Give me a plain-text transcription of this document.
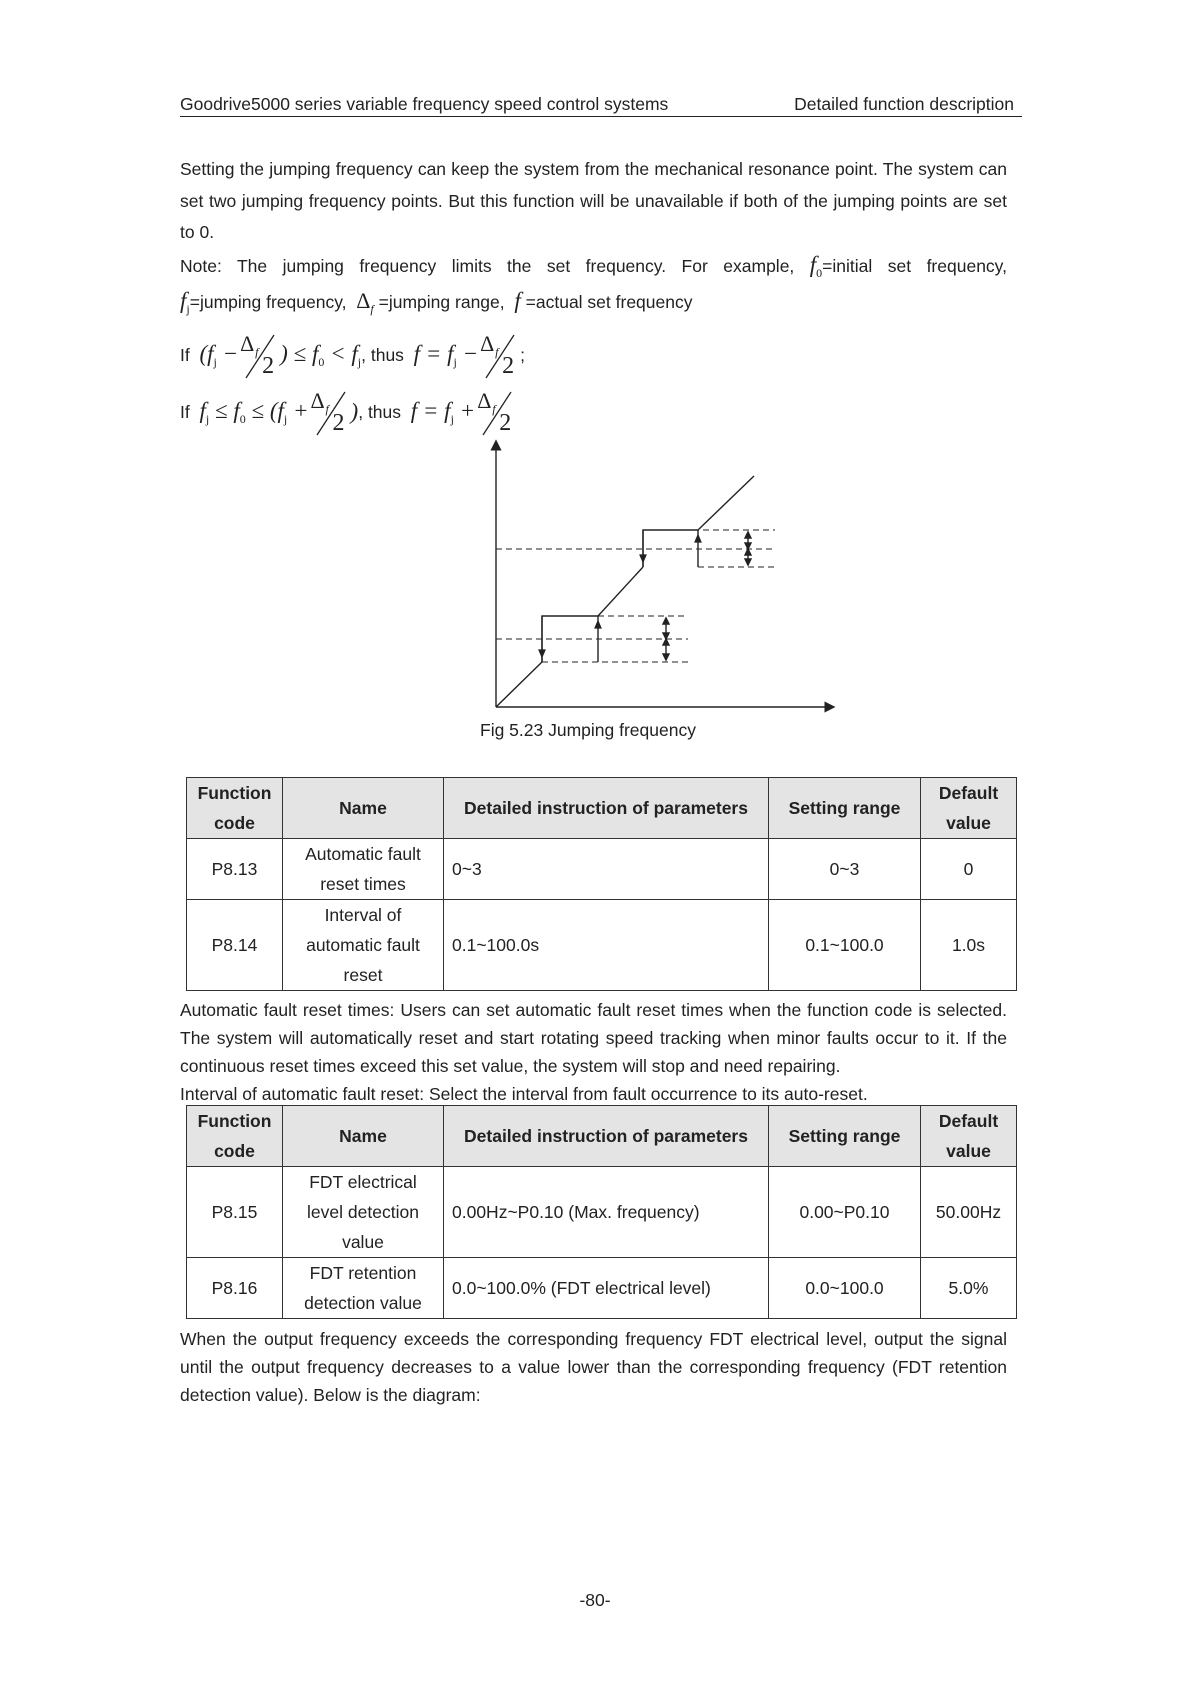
Goodrive5000 series variable frequency speed control systems	Detailed function description
Setting the jumping frequency can keep the system from the mechanical resonance point. The system can set two jumping frequency points. But this function will be unavailable if both of the jumping points are set to 0.
Note: The jumping frequency limits the set frequency. For example, $f_0=initial$ set frequency,
$f_j=jumping$ frequency, $\Delta_f$ =jumping range, f =actual set frequency
If
($f_j - \Delta$ f
2 ) ≤ $f_0 < f_j$ , thus
$f = f_j - \Delta$ f
2 ;
If
$f_j \le f_0 \le (f_j + \Delta$ f
2 ) , thus
$f = f_j + \Delta$ f
2
Fig 5.23 Jumping frequency
Function code	Name	Detailed instruction of parameters	Setting range	Default value
P8.13	Automatic fault reset times	0~3	0~3	0
P8.14	Interval of automatic fault reset	0.1~100.0s	0.1~100.0	1.0s
Automatic fault reset times: Users can set automatic fault reset times when the function code is selected. The system will automatically reset and start rotating speed tracking when minor faults occur to it. If the continuous reset times exceed this set value, the system will stop and need repairing.
Interval of automatic fault reset: Select the interval from fault occurrence to its auto-reset.
Function code	Name	Detailed instruction of parameters	Setting range	Default value
P8.15	FDT electrical level detection value	0.00Hz~P0.10 (Max. frequency)	0.00~P0.10	50.00Hz
P8.16	FDT retention detection value	0.0~100.0% (FDT electrical level)	0.0~100.0	5.0%
When the output frequency exceeds the corresponding frequency FDT electrical level, output the signal until the output frequency decreases to a value lower than the corresponding frequency (FDT retention detection value). Below is the diagram:
-80-
